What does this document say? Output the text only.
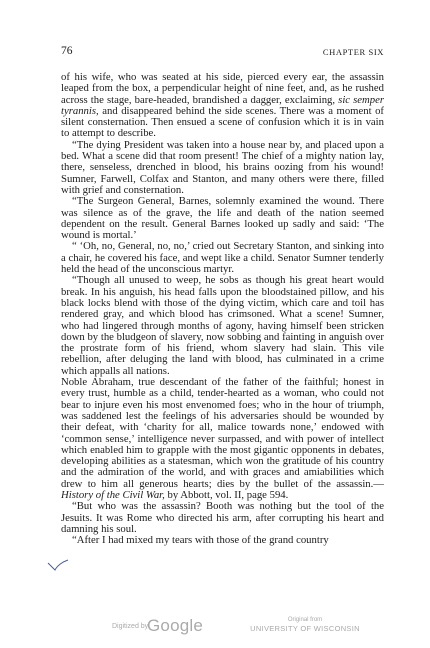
76	CHAPTER SIX

of his wife, who was seated at his side, pierced every ear, the assassin leaped from the box, a perpendicular height of nine feet, and, as he rushed across the stage, bare-headed, brandished a dagger, exclaiming, sic semper tyrannis, and disappeared behind the side scenes. There was a moment of silent consternation. Then ensued a scene of confusion which it is in vain to attempt to describe.

“The dying President was taken into a house near by, and placed upon a bed. What a scene did that room present! The chief of a mighty nation lay, there, senseless, drenched in blood, his brains oozing from his wound! Sumner, Farwell, Colfax and Stanton, and many others were there, filled with grief and consternation.

“The Surgeon General, Barnes, solemnly examined the wound. There was silence as of the grave, the life and death of the nation seemed dependent on the result. General Barnes looked up sadly and said: ‘The wound is mortal.’

“ ‘Oh, no, General, no, no,’ cried out Secretary Stanton, and sinking into a chair, he covered his face, and wept like a child. Senator Sumner tenderly held the head of the unconscious martyr.

“Though all unused to weep, he sobs as though his great heart would break. In his anguish, his head falls upon the bloodstained pillow, and his black locks blend with those of the dying victim, which care and toil has rendered gray, and which blood has crimsoned. What a scene! Sumner, who had lingered through months of agony, having himself been stricken down by the bludgeon of slavery, now sobbing and fainting in anguish over the prostrate form of his friend, whom slavery had slain. This vile rebellion, after deluging the land with blood, has culminated in a crime which appalls all nations.

Noble Abraham, true descendant of the father of the faithful; honest in every trust, humble as a child, tender-hearted as a woman, who could not bear to injure even his most envenomed foes; who in the hour of triumph, was saddened lest the feelings of his adversaries should be wounded by their defeat, with ‘charity for all, malice towards none,’ endowed with ‘common sense,’ intelligence never surpassed, and with power of intellect which enabled him to grapple with the most gigantic opponents in debates, developing abilities as a statesman, which won the gratitude of his country and the admiration of the world, and with graces and amiabilities which drew to him all generous hearts; dies by the bullet of the assassin.—History of the Civil War, by Abbott, vol. II, page 594.

“But who was the assassin? Booth was nothing but the tool of the Jesuits. It was Rome who directed his arm, after corrupting his heart and damning his soul.

“After I had mixed my tears with those of the grand country

Digitized by
Google	Original from
UNIVERSITY OF WISCONSIN
